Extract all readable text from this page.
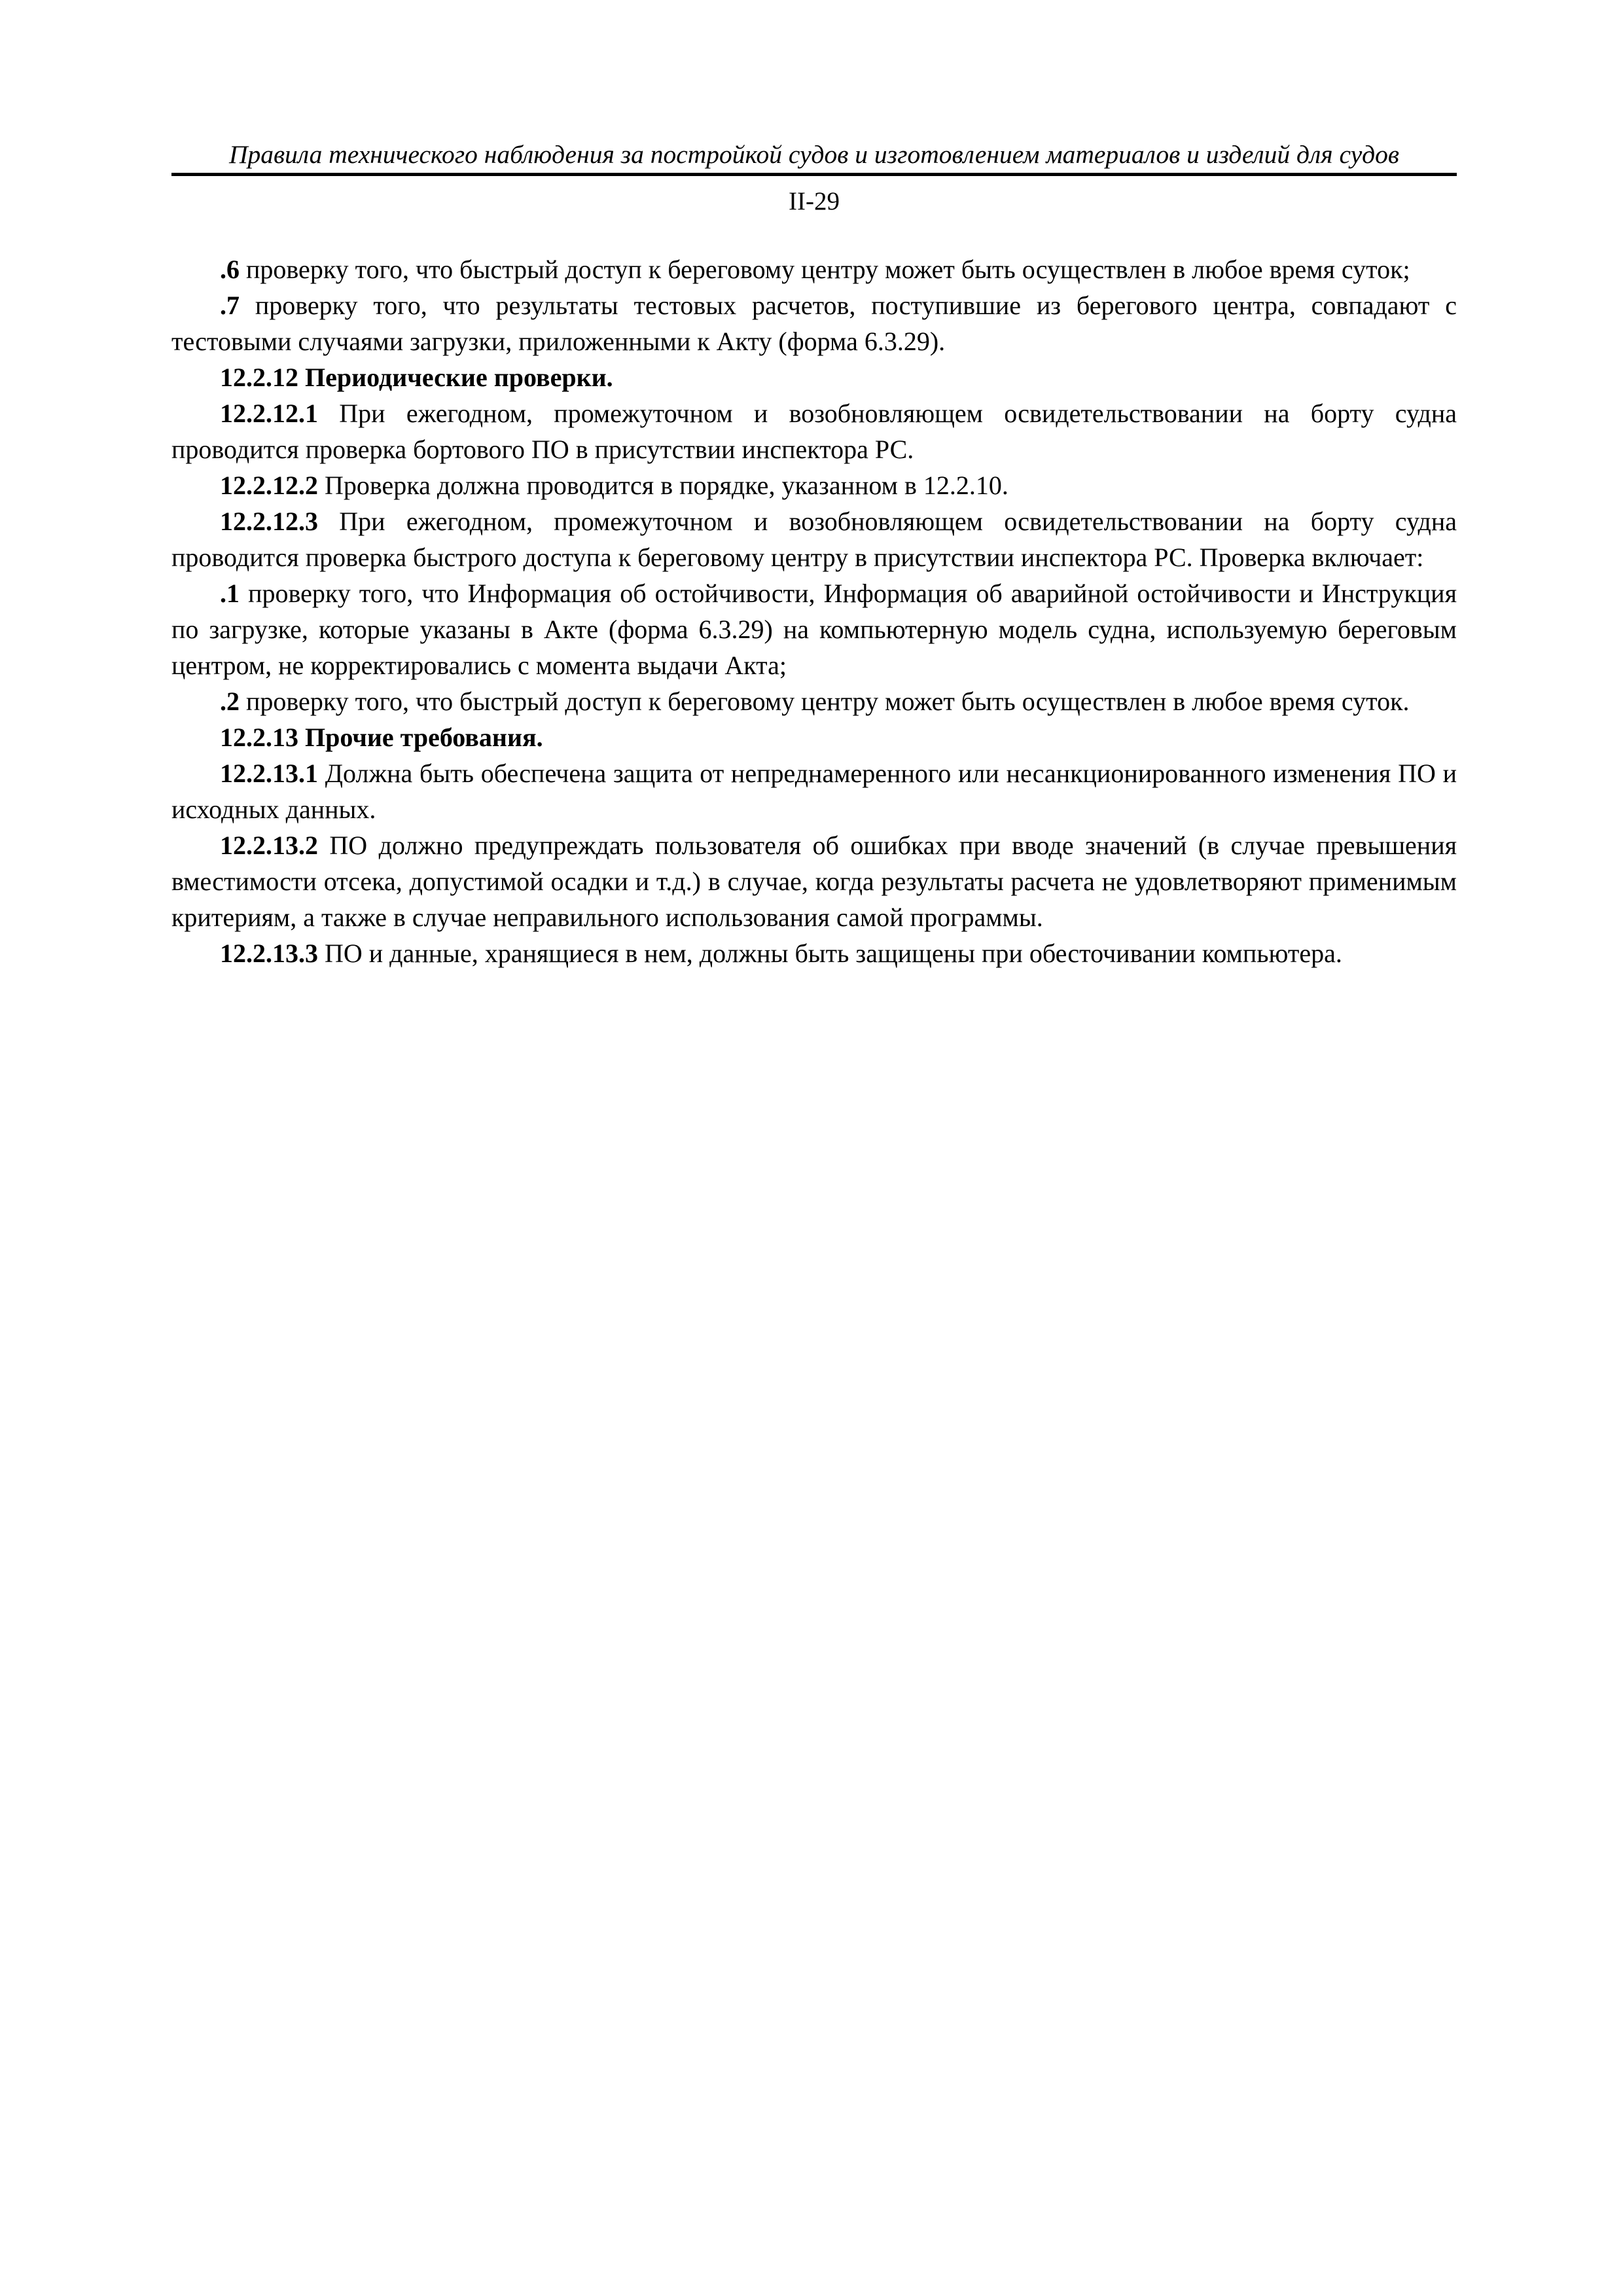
Правила технического наблюдения за постройкой судов и изготовлением материалов и изделий для судов
II-29

.6 проверку того, что быстрый доступ к береговому центру может быть осуществлен в любое время суток;

.7 проверку того, что результаты тестовых расчетов, поступившие из берегового центра, совпадают с тестовыми случаями загрузки, приложенными к Акту (форма 6.3.29).

12.2.12 Периодические проверки.

12.2.12.1 При ежегодном, промежуточном и возобновляющем освидетельствовании на борту судна проводится проверка бортового ПО в присутствии инспектора РС.

12.2.12.2 Проверка должна проводится в порядке, указанном в 12.2.10.

12.2.12.3 При ежегодном, промежуточном и возобновляющем освидетельствовании на борту судна проводится проверка быстрого доступа к береговому центру в присутствии инспектора РС. Проверка включает:

.1 проверку того, что Информация об остойчивости, Информация об аварийной остойчивости и Инструкция по загрузке, которые указаны в Акте (форма 6.3.29) на компьютерную модель судна, используемую береговым центром, не корректировались с момента выдачи Акта;

.2 проверку того, что быстрый доступ к береговому центру может быть осуществлен в любое время суток.

12.2.13 Прочие требования.

12.2.13.1 Должна быть обеспечена защита от непреднамеренного или несанкционированного изменения ПО и исходных данных.

12.2.13.2 ПО должно предупреждать пользователя об ошибках при вводе значений (в случае превышения вместимости отсека, допустимой осадки и т.д.) в случае, когда результаты расчета не удовлетворяют применимым критериям, а также в случае неправильного использования самой программы.

12.2.13.3 ПО и данные, хранящиеся в нем, должны быть защищены при обесточивании компьютера.
